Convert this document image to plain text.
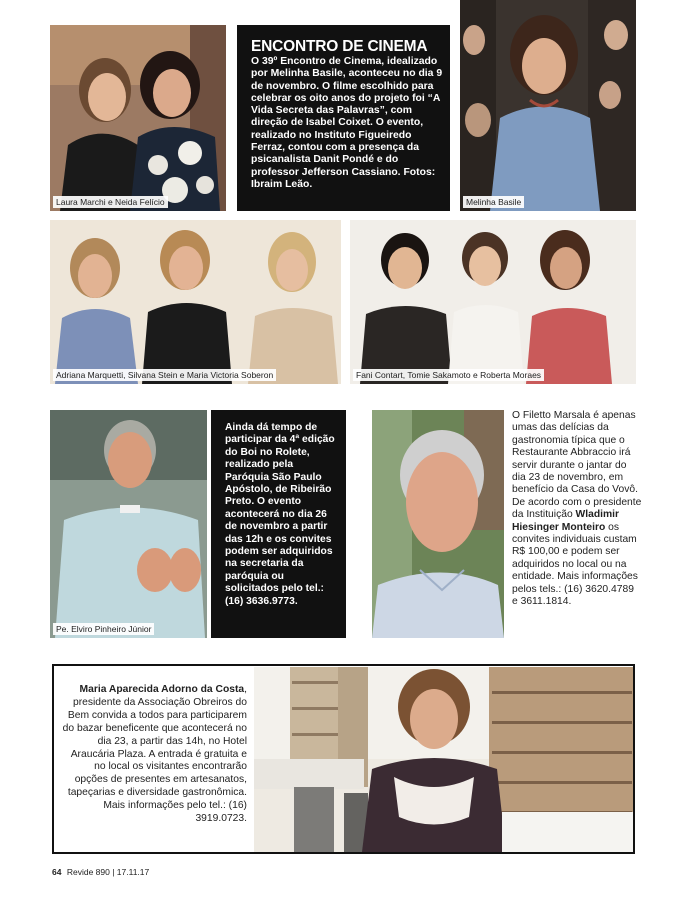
Laura Marchi e Neida Felício
ENCONTRO DE CINEMA

O 39º Encontro de Cinema, idealizado por Melinha Basile, aconteceu no dia 9 de novembro. O filme escolhido para celebrar os oito anos do projeto foi “A Vida Secreta das Palavras”, com direção de Isabel Coixet. O evento, realizado no Instituto Figueiredo Ferraz, contou com a presença da psicanalista Danit Pondé e do professor Jefferson Cassiano. Fotos: Ibraim Leão.

Melinha Basile
Adriana Marquetti, Silvana Stein e Maria Victoria Soberon	Fani Contart, Tomie Sakamoto e Roberta Moraes
Pe. Elviro Pinheiro Júnior

Ainda dá tempo de participar da 4ª edição do Boi no Rolete, realizado pela Paróquia São Paulo Apóstolo, de Ribeirão Preto. O evento acontecerá no dia 26 de novembro a partir das 12h e os convites podem ser adquiridos na secretaria da paróquia ou solicitados pelo tel.: (16) 3636.9773.

O Filetto Marsala é apenas umas das delícias da gastronomia típica que o Restaurante Abbraccio irá servir durante o jantar do dia 23 de novembro, em benefício da Casa do Vovô. De acordo com o presidente da Instituição Wladimir Hiesinger Monteiro os convites individuais custam R$ 100,00 e podem ser adquiridos no local ou na entidade. Mais informações pelos tels.: (16) 3620.4789 e 3611.1814.
Maria Aparecida Adorno da Costa, presidente da Associação Obreiros do Bem convida a todos para participarem do bazar beneficente que acontecerá no dia 23, a partir das 14h, no Hotel Araucária Plaza. A entrada é gratuita e no local os visitantes encontrarão opções de presentes em artesanatos, tapeçarias e diversidade gastronômica. Mais informações pelo tel.: (16) 3919.0723.
64 Revide 890 | 17.11.17
